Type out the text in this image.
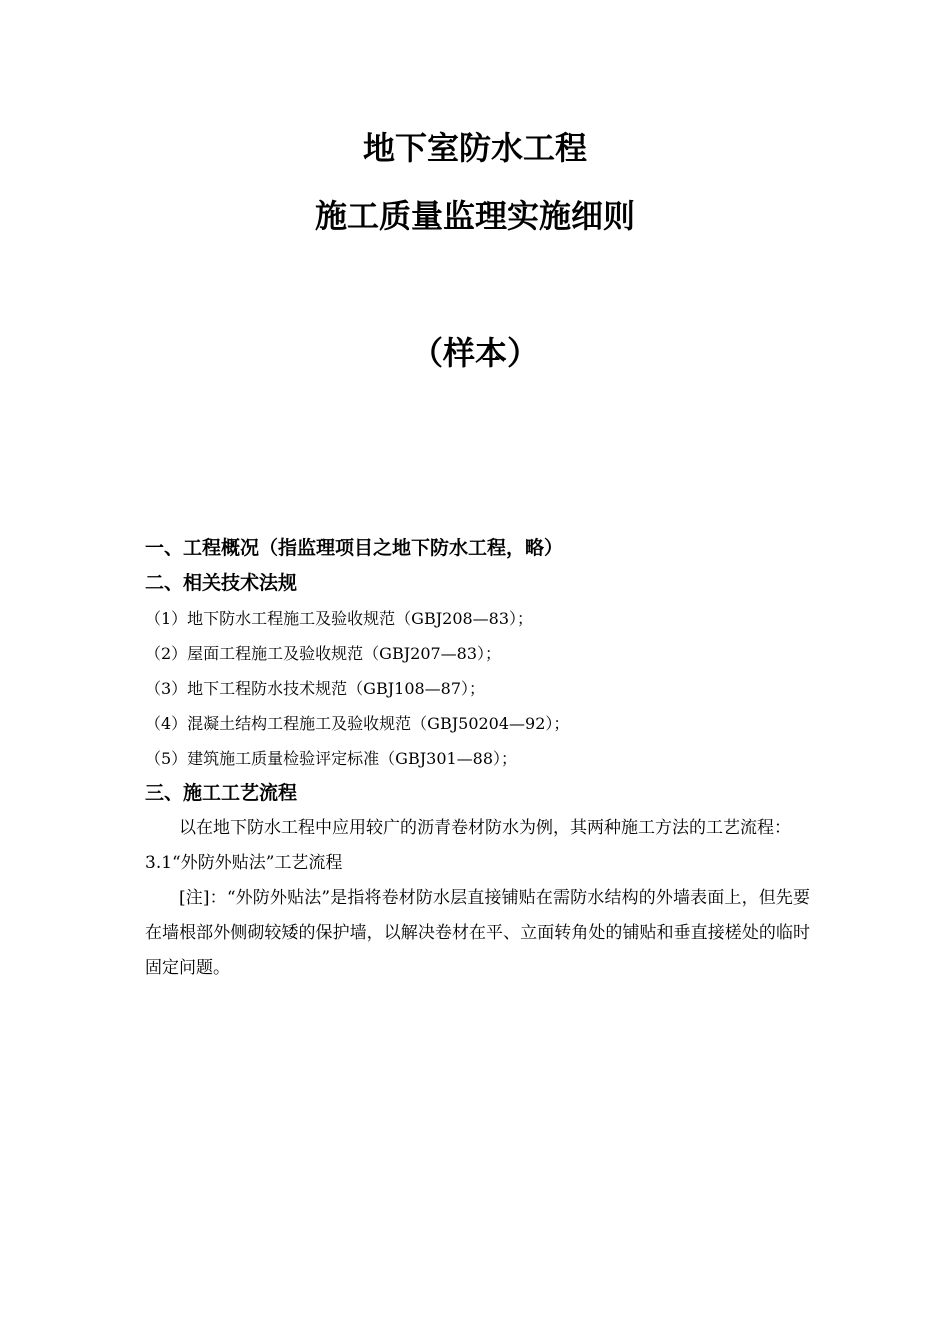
地下室防水工程
施工质量监理实施细则
（样本）

一、工程概况（指监理项目之地下防水工程，略）

二、相关技术法规

（1）地下防水工程施工及验收规范（GBJ208—83）；

（2）屋面工程施工及验收规范（GBJ207—83）；

（3）地下工程防水技术规范（GBJ108—87）；

（4）混凝土结构工程施工及验收规范（GBJ50204—92）；

（5）建筑施工质量检验评定标准（GBJ301—88）；

三、施工工艺流程

以在地下防水工程中应用较广的沥青卷材防水为例，其两种施工方法的工艺流程：

3.1“外防外贴法”工艺流程

[注]：“外防外贴法”是指将卷材防水层直接铺贴在需防水结构的外墙表面上，但先要在墙根部外侧砌较矮的保护墙，以解决卷材在平、立面转角处的铺贴和垂直接槎处的临时固定问题。
